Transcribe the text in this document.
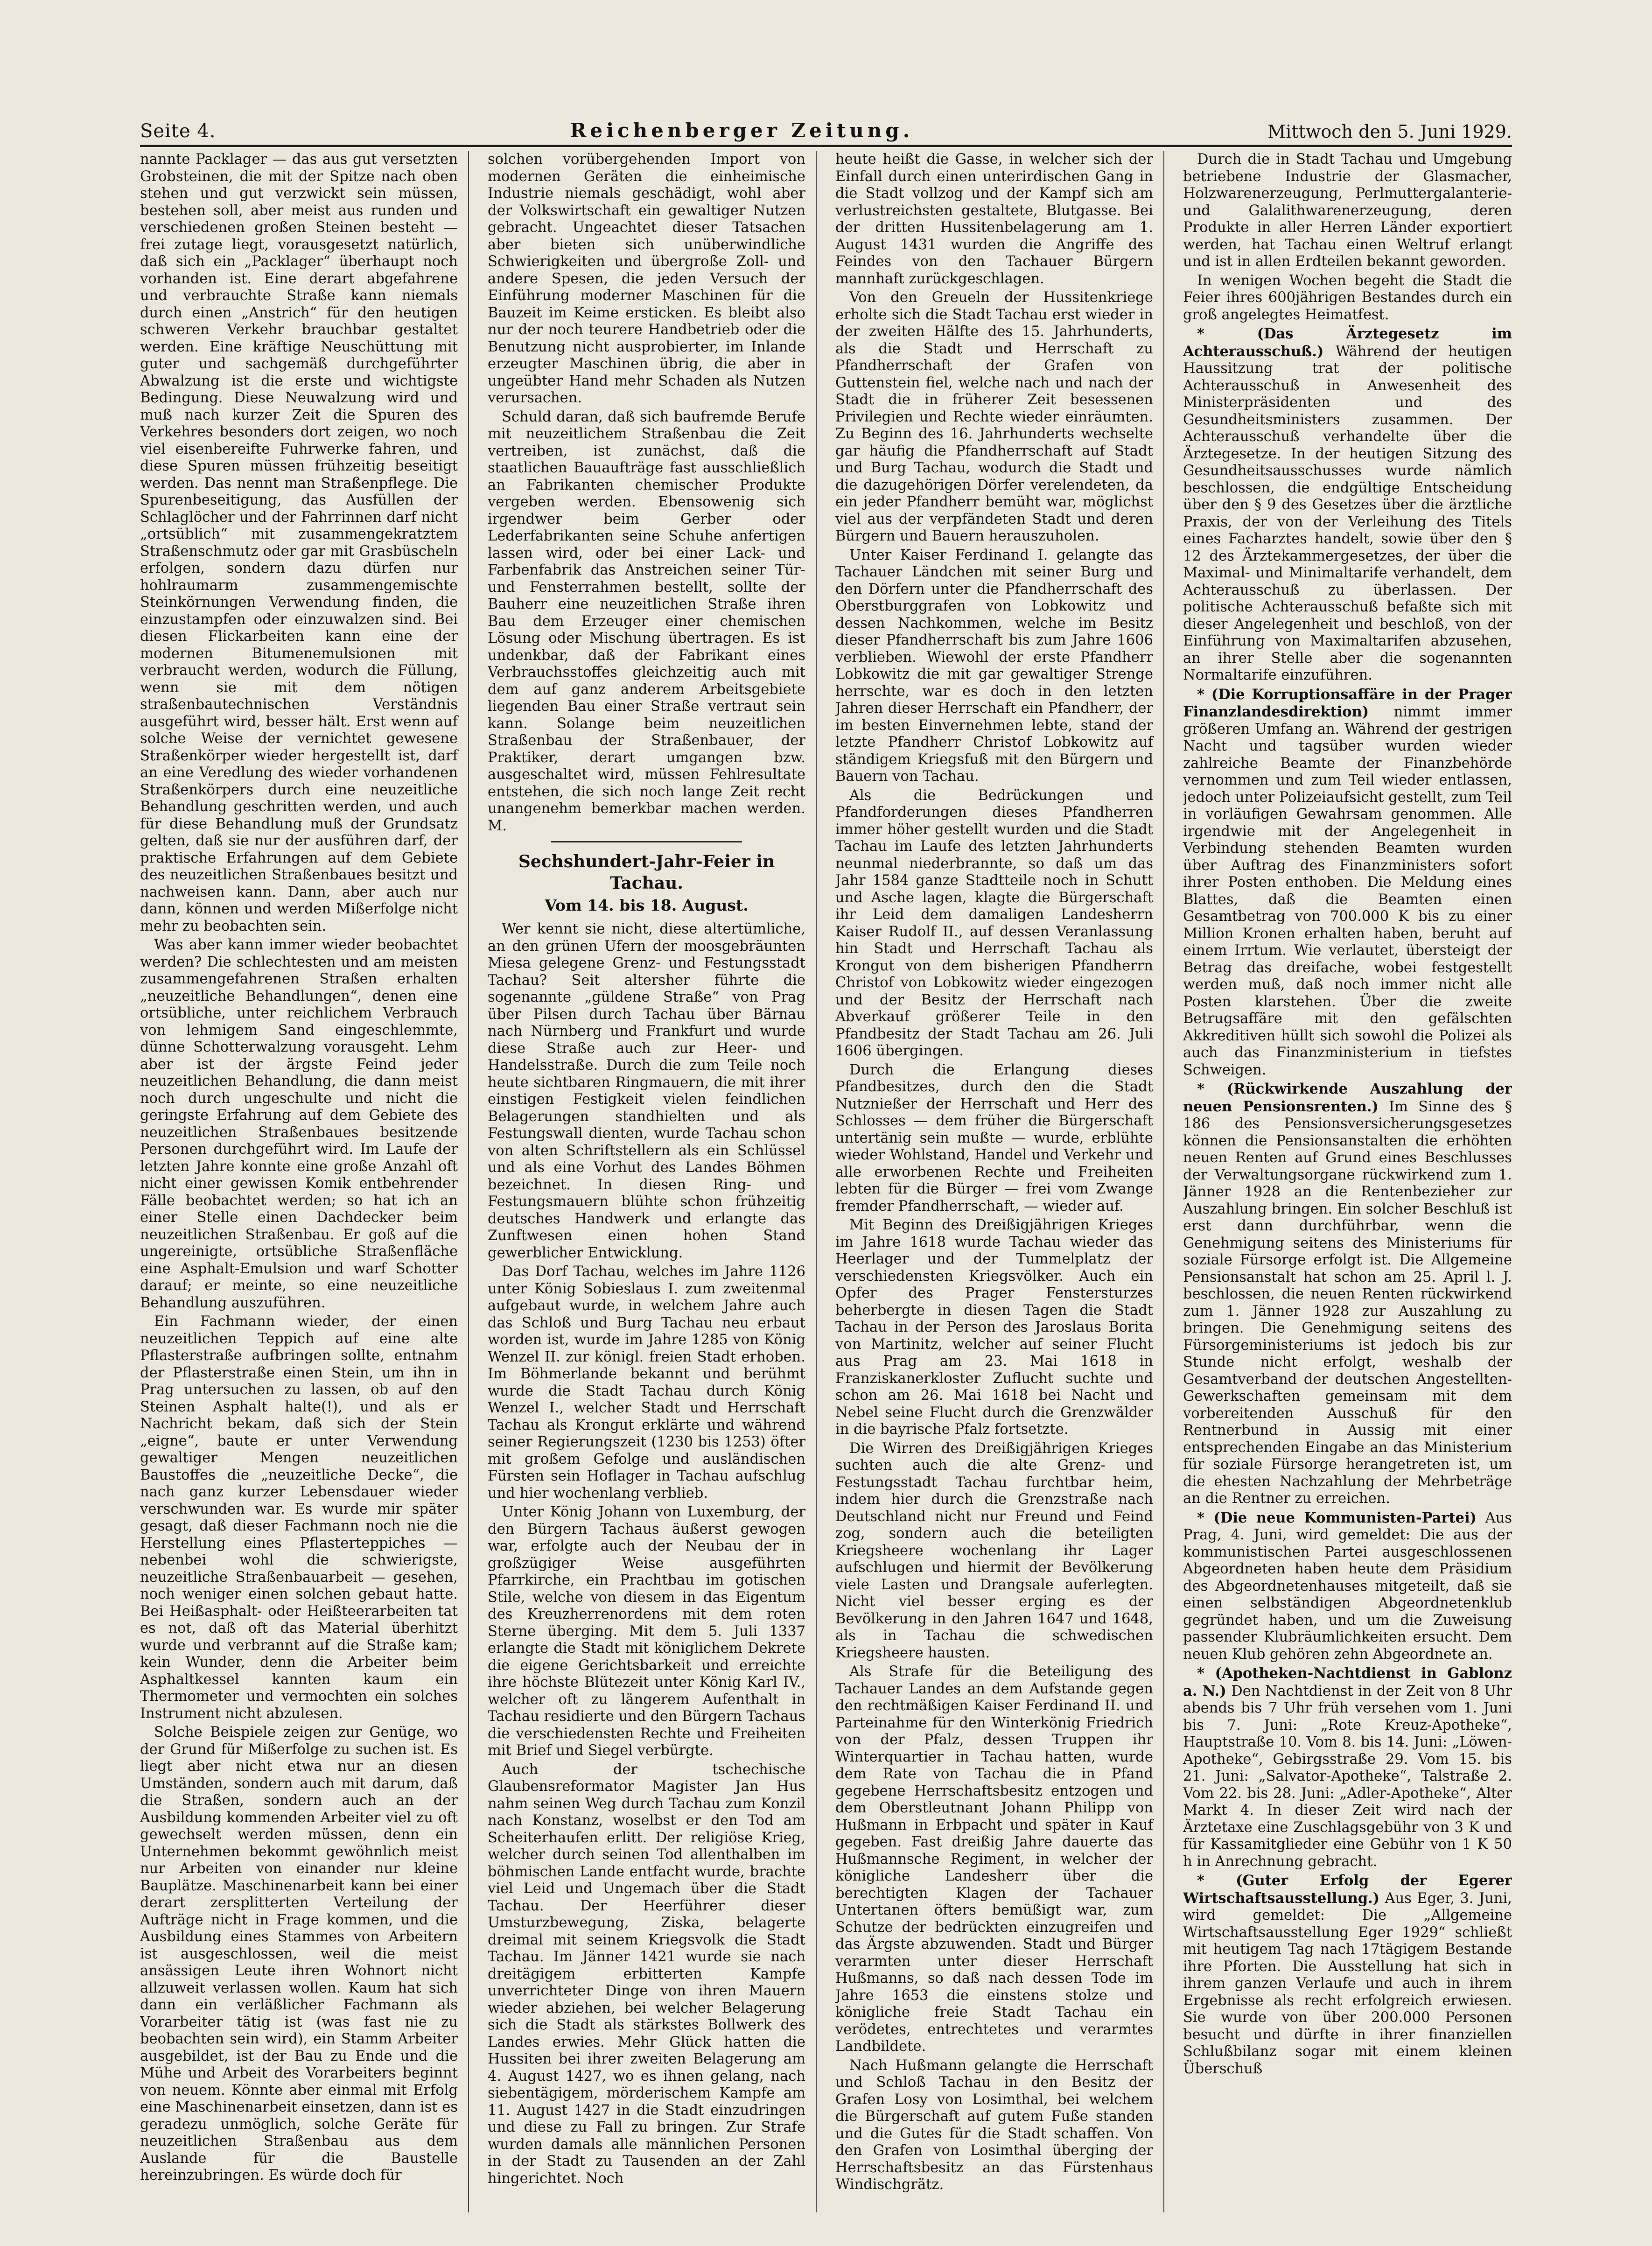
Seite 4.	Reichenberger Zeitung.	Mittwoch den 5. Juni 1929.

nannte Packlager — das aus gut versetzten Grobsteinen, die mit der Spitze nach oben stehen und gut verzwickt sein müssen, bestehen soll, aber meist aus runden und verschiedenen großen Steinen besteht — frei zutage liegt, vorausgesetzt natürlich, daß sich ein „Packlager“ überhaupt noch vorhanden ist. Eine derart abgefahrene und verbrauchte Straße kann niemals durch einen „Anstrich“ für den heutigen schweren Verkehr brauchbar gestaltet werden. Eine kräftige Neuschüttung mit guter und sachgemäß durchgeführter Abwalzung ist die erste und wichtigste Bedingung. Diese Neuwalzung wird und muß nach kurzer Zeit die Spuren des Verkehres besonders dort zeigen, wo noch viel eisenbereifte Fuhrwerke fahren, und diese Spuren müssen frühzeitig beseitigt werden. Das nennt man Straßenpflege. Die Spurenbeseitigung, das Ausfüllen der Schlaglöcher und der Fahrrinnen darf nicht „ortsüblich“ mit zusammengekratztem Straßenschmutz oder gar mit Grasbüscheln erfolgen, sondern dazu dürfen nur hohlraumarm zusammengemischte Steinkörnungen Verwendung finden, die einzustampfen oder einzuwalzen sind. Bei diesen Flickarbeiten kann eine der modernen Bitumenemulsionen mit verbraucht werden, wodurch die Füllung, wenn sie mit dem nötigen straßenbautechnischen Verständnis ausgeführt wird, besser hält. Erst wenn auf solche Weise der vernichtet gewesene Straßenkörper wieder hergestellt ist, darf an eine Veredlung des wieder vorhandenen Straßenkörpers durch eine neuzeitliche Behandlung geschritten werden, und auch für diese Behandlung muß der Grundsatz gelten, daß sie nur der ausführen darf, der praktische Erfahrungen auf dem Gebiete des neuzeitlichen Straßenbaues besitzt und nachweisen kann. Dann, aber auch nur dann, können und werden Mißerfolge nicht mehr zu beobachten sein.

Was aber kann immer wieder beobachtet werden? Die schlechtesten und am meisten zusammengefahrenen Straßen erhalten „neuzeitliche Behandlungen“, denen eine ortsübliche, unter reichlichem Verbrauch von lehmigem Sand eingeschlemmte, dünne Schotterwalzung vorausgeht. Lehm aber ist der ärgste Feind jeder neuzeitlichen Behandlung, die dann meist noch durch ungeschulte und nicht die geringste Erfahrung auf dem Gebiete des neuzeitlichen Straßenbaues besitzende Personen durchgeführt wird. Im Laufe der letzten Jahre konnte eine große Anzahl oft nicht einer gewissen Komik entbehrender Fälle beobachtet werden; so hat ich an einer Stelle einen Dachdecker beim neuzeitlichen Straßenbau. Er goß auf die ungereinigte, ortsübliche Straßenfläche eine Asphalt-Emulsion und warf Schotter darauf; er meinte, so eine neuzeitliche Behandlung auszuführen.

Ein Fachmann wieder, der einen neuzeitlichen Teppich auf eine alte Pflasterstraße aufbringen sollte, entnahm der Pflasterstraße einen Stein, um ihn in Prag untersuchen zu lassen, ob auf den Steinen Asphalt halte(!), und als er Nachricht bekam, daß sich der Stein „eigne“, baute er unter Verwendung gewaltiger Mengen neuzeitlichen Baustoffes die „neuzeitliche Decke“, die nach ganz kurzer Lebensdauer wieder verschwunden war. Es wurde mir später gesagt, daß dieser Fachmann noch nie die Herstellung eines Pflasterteppiches — nebenbei wohl die schwierigste, neuzeitliche Straßenbauarbeit — gesehen, noch weniger einen solchen gebaut hatte. Bei Heißasphalt- oder Heißteerarbeiten tat es not, daß oft das Material überhitzt wurde und verbrannt auf die Straße kam; kein Wunder, denn die Arbeiter beim Asphaltkessel kannten kaum ein Thermometer und vermochten ein solches Instrument nicht abzulesen.

Solche Beispiele zeigen zur Genüge, wo der Grund für Mißerfolge zu suchen ist. Es liegt aber nicht etwa nur an diesen Umständen, sondern auch mit darum, daß die Straßen, sondern auch an der Ausbildung kommenden Arbeiter viel zu oft gewechselt werden müssen, denn ein Unternehmen bekommt gewöhnlich meist nur Arbeiten von einander nur kleine Bauplätze. Maschinenarbeit kann bei einer derart zersplitterten Verteilung der Aufträge nicht in Frage kommen, und die Ausbildung eines Stammes von Arbeitern ist ausgeschlossen, weil die meist ansässigen Leute ihren Wohnort nicht allzuweit verlassen wollen. Kaum hat sich dann ein verläßlicher Fachmann als Vorarbeiter tätig ist (was fast nie zu beobachten sein wird), ein Stamm Arbeiter ausgebildet, ist der Bau zu Ende und die Mühe und Arbeit des Vorarbeiters beginnt von neuem. Könnte aber einmal mit Erfolg eine Maschinenarbeit einsetzen, dann ist es geradezu unmöglich, solche Geräte für neuzeitlichen Straßenbau aus dem Auslande für die Baustelle hereinzubringen. Es würde doch für

solchen vorübergehenden Import von modernen Geräten die einheimische Industrie niemals geschädigt, wohl aber der Volkswirtschaft ein gewaltiger Nutzen gebracht. Ungeachtet dieser Tatsachen aber bieten sich unüberwindliche Schwierigkeiten und übergroße Zoll- und andere Spesen, die jeden Versuch der Einführung moderner Maschinen für die Bauzeit im Keime ersticken. Es bleibt also nur der noch teurere Handbetrieb oder die Benutzung nicht ausprobierter, im Inlande erzeugter Maschinen übrig, die aber in ungeübter Hand mehr Schaden als Nutzen verursachen.

Schuld daran, daß sich baufremde Berufe mit neuzeitlichem Straßenbau die Zeit vertreiben, ist zunächst, daß die staatlichen Bauaufträge fast ausschließlich an Fabrikanten chemischer Produkte vergeben werden. Ebensowenig sich irgendwer beim Gerber oder Lederfabrikanten seine Schuhe anfertigen lassen wird, oder bei einer Lack- und Farbenfabrik das Anstreichen seiner Tür- und Fensterrahmen bestellt, sollte der Bauherr eine neuzeitlichen Straße ihren Bau dem Erzeuger einer chemischen Lösung oder Mischung übertragen. Es ist undenkbar, daß der Fabrikant eines Verbrauchsstoffes gleichzeitig auch mit dem auf ganz anderem Arbeitsgebiete liegenden Bau einer Straße vertraut sein kann. Solange beim neuzeitlichen Straßenbau der Straßenbauer, der Praktiker, derart umgangen bzw. ausgeschaltet wird, müssen Fehlresultate entstehen, die sich noch lange Zeit recht unangenehm bemerkbar machen werden. M.

Sechshundert-Jahr-Feier in Tachau.
Vom 14. bis 18. August.

Wer kennt sie nicht, diese altertümliche, an den grünen Ufern der moosgebräunten Miesa gelegene Grenz- und Festungsstadt Tachau? Seit altersher führte die sogenannte „güldene Straße“ von Prag über Pilsen durch Tachau über Bärnau nach Nürnberg und Frankfurt und wurde diese Straße auch zur Heer- und Handelsstraße. Durch die zum Teile noch heute sichtbaren Ringmauern, die mit ihrer einstigen Festigkeit vielen feindlichen Belagerungen standhielten und als Festungswall dienten, wurde Tachau schon von alten Schriftstellern als ein Schlüssel und als eine Vorhut des Landes Böhmen bezeichnet. In diesen Ring- und Festungsmauern blühte schon frühzeitig deutsches Handwerk und erlangte das Zunftwesen einen hohen Stand gewerblicher Entwicklung.

Das Dorf Tachau, welches im Jahre 1126 unter König Sobieslaus I. zum zweitenmal aufgebaut wurde, in welchem Jahre auch das Schloß und Burg Tachau neu erbaut worden ist, wurde im Jahre 1285 von König Wenzel II. zur königl. freien Stadt erhoben. Im Böhmerlande bekannt und berühmt wurde die Stadt Tachau durch König Wenzel I., welcher Stadt und Herrschaft Tachau als Krongut erklärte und während seiner Regierungszeit (1230 bis 1253) öfter mit großem Gefolge und ausländischen Fürsten sein Hoflager in Tachau aufschlug und hier wochenlang verblieb.

Unter König Johann von Luxemburg, der den Bürgern Tachaus äußerst gewogen war, erfolgte auch der Neubau der in großzügiger Weise ausgeführten Pfarrkirche, ein Prachtbau im gotischen Stile, welche von diesem in das Eigentum des Kreuzherrenordens mit dem roten Sterne überging. Mit dem 5. Juli 1337 erlangte die Stadt mit königlichem Dekrete die eigene Gerichtsbarkeit und erreichte ihre höchste Blütezeit unter König Karl IV., welcher oft zu längerem Aufenthalt in Tachau residierte und den Bürgern Tachaus die verschiedensten Rechte und Freiheiten mit Brief und Siegel verbürgte.

Auch der tschechische Glaubensreformator Magister Jan Hus nahm seinen Weg durch Tachau zum Konzil nach Konstanz, woselbst er den Tod am Scheiterhaufen erlitt. Der religiöse Krieg, welcher durch seinen Tod allenthalben im böhmischen Lande entfacht wurde, brachte viel Leid und Ungemach über die Stadt Tachau. Der Heerführer dieser Umsturzbewegung, Ziska, belagerte dreimal mit seinem Kriegsvolk die Stadt Tachau. Im Jänner 1421 wurde sie nach dreitägigem erbitterten Kampfe unverrichteter Dinge von ihren Mauern wieder abziehen, bei welcher Belagerung sich die Stadt als stärkstes Bollwerk des Landes erwies. Mehr Glück hatten die Hussiten bei ihrer zweiten Belagerung am 4. August 1427, wo es ihnen gelang, nach siebentägigem, mörderischem Kampfe am 11. August 1427 in die Stadt einzudringen und diese zu Fall zu bringen. Zur Strafe wurden damals alle männlichen Personen in der Stadt zu Tausenden an der Zahl hingerichtet. Noch

heute heißt die Gasse, in welcher sich der Einfall durch einen unterirdischen Gang in die Stadt vollzog und der Kampf sich am verlustreichsten gestaltete, Blutgasse. Bei der dritten Hussitenbelagerung am 1. August 1431 wurden die Angriffe des Feindes von den Tachauer Bürgern mannhaft zurückgeschlagen.

Von den Greueln der Hussitenkriege erholte sich die Stadt Tachau erst wieder in der zweiten Hälfte des 15. Jahrhunderts, als die Stadt und Herrschaft zu Pfandherrschaft der Grafen von Guttenstein fiel, welche nach und nach der Stadt die in früherer Zeit besessenen Privilegien und Rechte wieder einräumten. Zu Beginn des 16. Jahrhunderts wechselte gar häufig die Pfandherrschaft auf Stadt und Burg Tachau, wodurch die Stadt und die dazugehörigen Dörfer verelendeten, da ein jeder Pfandherr bemüht war, möglichst viel aus der verpfändeten Stadt und deren Bürgern und Bauern herauszuholen.

Unter Kaiser Ferdinand I. gelangte das Tachauer Ländchen mit seiner Burg und den Dörfern unter die Pfandherrschaft des Oberstburggrafen von Lobkowitz und dessen Nachkommen, welche im Besitz dieser Pfandherrschaft bis zum Jahre 1606 verblieben. Wiewohl der erste Pfandherr Lobkowitz die mit gar gewaltiger Strenge herrschte, war es doch in den letzten Jahren dieser Herrschaft ein Pfandherr, der im besten Einvernehmen lebte, stand der letzte Pfandherr Christof Lobkowitz auf ständigem Kriegsfuß mit den Bürgern und Bauern von Tachau.

Als die Bedrückungen und Pfandforderungen dieses Pfandherren immer höher gestellt wurden und die Stadt Tachau im Laufe des letzten Jahrhunderts neunmal niederbrannte, so daß um das Jahr 1584 ganze Stadtteile noch in Schutt und Asche lagen, klagte die Bürgerschaft ihr Leid dem damaligen Landesherrn Kaiser Rudolf II., auf dessen Veranlassung hin Stadt und Herrschaft Tachau als Krongut von dem bisherigen Pfandherrn Christof von Lobkowitz wieder eingezogen und der Besitz der Herrschaft nach Abverkauf größerer Teile in den Pfandbesitz der Stadt Tachau am 26. Juli 1606 übergingen.

Durch die Erlangung dieses Pfandbesitzes, durch den die Stadt Nutznießer der Herrschaft und Herr des Schlosses — dem früher die Bürgerschaft untertänig sein mußte — wurde, erblühte wieder Wohlstand, Handel und Verkehr und alle erworbenen Rechte und Freiheiten lebten für die Bürger — frei vom Zwange fremder Pfandherrschaft, — wieder auf.

Mit Beginn des Dreißigjährigen Krieges im Jahre 1618 wurde Tachau wieder das Heerlager und der Tummelplatz der verschiedensten Kriegsvölker. Auch ein Opfer des Prager Fenstersturzes beherbergte in diesen Tagen die Stadt Tachau in der Person des Jaroslaus Borita von Martinitz, welcher auf seiner Flucht aus Prag am 23. Mai 1618 in Franziskanerkloster Zuflucht suchte und schon am 26. Mai 1618 bei Nacht und Nebel seine Flucht durch die Grenzwälder in die bayrische Pfalz fortsetzte.

Die Wirren des Dreißigjährigen Krieges suchten auch die alte Grenz- und Festungsstadt Tachau furchtbar heim, indem hier durch die Grenzstraße nach Deutschland nicht nur Freund und Feind zog, sondern auch die beteiligten Kriegsheere wochenlang ihr Lager aufschlugen und hiermit der Bevölkerung viele Lasten und Drangsale auferlegten. Nicht viel besser erging es der Bevölkerung in den Jahren 1647 und 1648, als in Tachau die schwedischen Kriegsheere hausten.

Als Strafe für die Beteiligung des Tachauer Landes an dem Aufstande gegen den rechtmäßigen Kaiser Ferdinand II. und Parteinahme für den Winterkönig Friedrich von der Pfalz, dessen Truppen ihr Winterquartier in Tachau hatten, wurde dem Rate von Tachau die in Pfand gegebene Herrschaftsbesitz entzogen und dem Oberstleutnant Johann Philipp von Hußmann in Erbpacht und später in Kauf gegeben. Fast dreißig Jahre dauerte das Hußmannsche Regiment, in welcher der königliche Landesherr über die berechtigten Klagen der Tachauer Untertanen öfters bemüßigt war, zum Schutze der bedrückten einzugreifen und das Ärgste abzuwenden. Stadt und Bürger verarmten unter dieser Herrschaft Hußmanns, so daß nach dessen Tode im Jahre 1653 die einstens stolze und königliche freie Stadt Tachau ein verödetes, entrechtetes und verarmtes Landbildete.

Nach Hußmann gelangte die Herrschaft und Schloß Tachau in den Besitz der Grafen Losy von Losimthal, bei welchem die Bürgerschaft auf gutem Fuße standen und die Gutes für die Stadt schaffen. Von den Grafen von Losimthal überging der Herrschaftsbesitz an das Fürstenhaus Windischgrätz.

Durch die in Stadt Tachau und Umgebung betriebene Industrie der Glasmacher, Holzwarenerzeugung, Perlmuttergalanterie- und Galalithwarenerzeugung, deren Produkte in aller Herren Länder exportiert werden, hat Tachau einen Weltruf erlangt und ist in allen Erdteilen bekannt geworden.

In wenigen Wochen begeht die Stadt die Feier ihres 600jährigen Bestandes durch ein groß angelegtes Heimatfest.

* (Das Ärztegesetz im Achterausschuß.) Während der heutigen Haussitzung trat der politische Achterausschuß in Anwesenheit des Ministerpräsidenten und des Gesundheitsministers zusammen. Der Achterausschuß verhandelte über die Ärztegesetze. In der heutigen Sitzung des Gesundheitsausschusses wurde nämlich beschlossen, die endgültige Entscheidung über den § 9 des Gesetzes über die ärztliche Praxis, der von der Verleihung des Titels eines Facharztes handelt, sowie über den § 12 des Ärztekammergesetzes, der über die Maximal- und Minimaltarife verhandelt, dem Achterausschuß zu überlassen. Der politische Achterausschuß befaßte sich mit dieser Angelegenheit und beschloß, von der Einführung von Maximaltarifen abzusehen, an ihrer Stelle aber die sogenannten Normaltarife einzuführen.

* (Die Korruptionsaffäre in der Prager Finanzlandesdirektion) nimmt immer größeren Umfang an. Während der gestrigen Nacht und tagsüber wurden wieder zahlreiche Beamte der Finanzbehörde vernommen und zum Teil wieder entlassen, jedoch unter Polizeiaufsicht gestellt, zum Teil in vorläufigen Gewahrsam genommen. Alle irgendwie mit der Angelegenheit in Verbindung stehenden Beamten wurden über Auftrag des Finanzministers sofort ihrer Posten enthoben. Die Meldung eines Blattes, daß die Beamten einen Gesamtbetrag von 700.000 K bis zu einer Million Kronen erhalten haben, beruht auf einem Irrtum. Wie verlautet, übersteigt der Betrag das dreifache, wobei festgestellt werden muß, daß noch immer nicht alle Posten klarstehen. Über die zweite Betrugsaffäre mit den gefälschten Akkreditiven hüllt sich sowohl die Polizei als auch das Finanzministerium in tiefstes Schweigen.

* (Rückwirkende Auszahlung der neuen Pensionsrenten.) Im Sinne des § 186 des Pensionsversicherungsgesetzes können die Pensionsanstalten die erhöhten neuen Renten auf Grund eines Beschlusses der Verwaltungsorgane rückwirkend zum 1. Jänner 1928 an die Rentenbezieher zur Auszahlung bringen. Ein solcher Beschluß ist erst dann durchführbar, wenn die Genehmigung seitens des Ministeriums für soziale Fürsorge erfolgt ist. Die Allgemeine Pensionsanstalt hat schon am 25. April l. J. beschlossen, die neuen Renten rückwirkend zum 1. Jänner 1928 zur Auszahlung zu bringen. Die Genehmigung seitens des Fürsorgeministeriums ist jedoch bis zur Stunde nicht erfolgt, weshalb der Gesamtverband der deutschen Angestellten-Gewerkschaften gemeinsam mit dem vorbereitenden Ausschuß für den Rentnerbund in Aussig mit einer entsprechenden Eingabe an das Ministerium für soziale Fürsorge herangetreten ist, um die ehesten Nachzahlung der Mehrbeträge an die Rentner zu erreichen.

* (Die neue Kommunisten-Partei) Aus Prag, 4. Juni, wird gemeldet: Die aus der kommunistischen Partei ausgeschlossenen Abgeordneten haben heute dem Präsidium des Abgeordnetenhauses mitgeteilt, daß sie einen selbständigen Abgeordnetenklub gegründet haben, und um die Zuweisung passender Klubräumlichkeiten ersucht. Dem neuen Klub gehören zehn Abgeordnete an.

* (Apotheken-Nachtdienst in Gablonz a. N.) Den Nachtdienst in der Zeit von 8 Uhr abends bis 7 Uhr früh versehen vom 1. Juni bis 7. Juni: „Rote Kreuz-Apotheke“, Hauptstraße 10. Vom 8. bis 14. Juni: „Löwen-Apotheke“, Gebirgsstraße 29. Vom 15. bis 21. Juni: „Salvator-Apotheke“, Talstraße 2. Vom 22. bis 28. Juni: „Adler-Apotheke“, Alter Markt 4. In dieser Zeit wird nach der Ärztetaxe eine Zuschlagsgebühr von 3 K und für Kassamitglieder eine Gebühr von 1 K 50 h in Anrechnung gebracht.

* (Guter Erfolg der Egerer Wirtschaftsausstellung.) Aus Eger, 3. Juni, wird gemeldet: Die „Allgemeine Wirtschaftsausstellung Eger 1929“ schließt mit heutigem Tag nach 17tägigem Bestande ihre Pforten. Die Ausstellung hat sich in ihrem ganzen Verlaufe und auch in ihrem Ergebnisse als recht erfolgreich erwiesen. Sie wurde von über 200.000 Personen besucht und dürfte in ihrer finanziellen Schlußbilanz sogar mit einem kleinen Überschuß
